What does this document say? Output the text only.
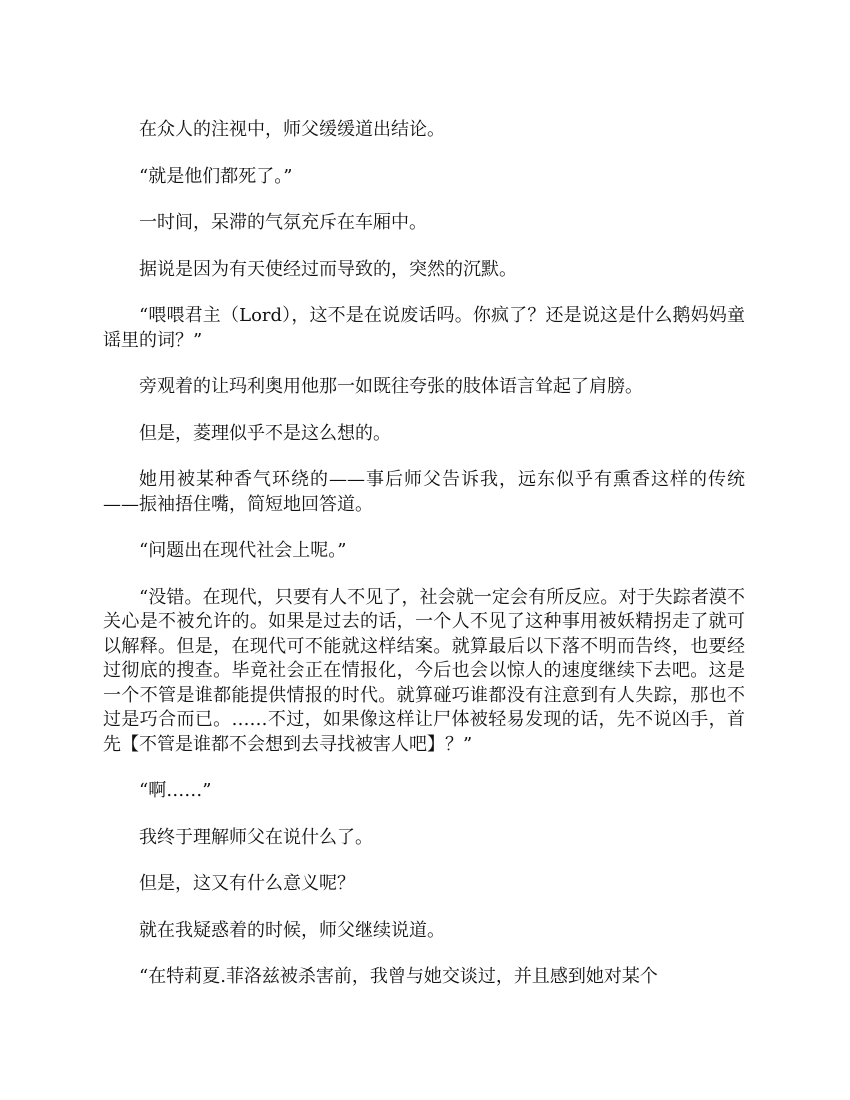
在众人的注视中，师父缓缓道出结论。

“就是他们都死了。”

一时间，呆滞的气氛充斥在车厢中。

据说是因为有天使经过而导致的，突然的沉默。

“喂喂君主（Lord），这不是在说废话吗。你疯了？还是说这是什么鹅妈妈童谣里的词？”

旁观着的让玛利奥用他那一如既往夸张的肢体语言耸起了肩膀。

但是，菱理似乎不是这么想的。

她用被某种香气环绕的——事后师父告诉我，远东似乎有熏香这样的传统——振袖捂住嘴，简短地回答道。

“问题出在现代社会上呢。”

“没错。在现代，只要有人不见了，社会就一定会有所反应。对于失踪者漠不关心是不被允许的。如果是过去的话，一个人不见了这种事用被妖精拐走了就可以解释。但是，在现代可不能就这样结案。就算最后以下落不明而告终，也要经过彻底的搜查。毕竟社会正在情报化，今后也会以惊人的速度继续下去吧。这是一个不管是谁都能提供情报的时代。就算碰巧谁都没有注意到有人失踪，那也不过是巧合而已。……不过，如果像这样让尸体被轻易发现的话，先不说凶手，首先【不管是谁都不会想到去寻找被害人吧】？”

“啊……”

我终于理解师父在说什么了。

但是，这又有什么意义呢？

就在我疑惑着的时候，师父继续说道。

“在特莉夏.菲洛兹被杀害前，我曾与她交谈过，并且感到她对某个
